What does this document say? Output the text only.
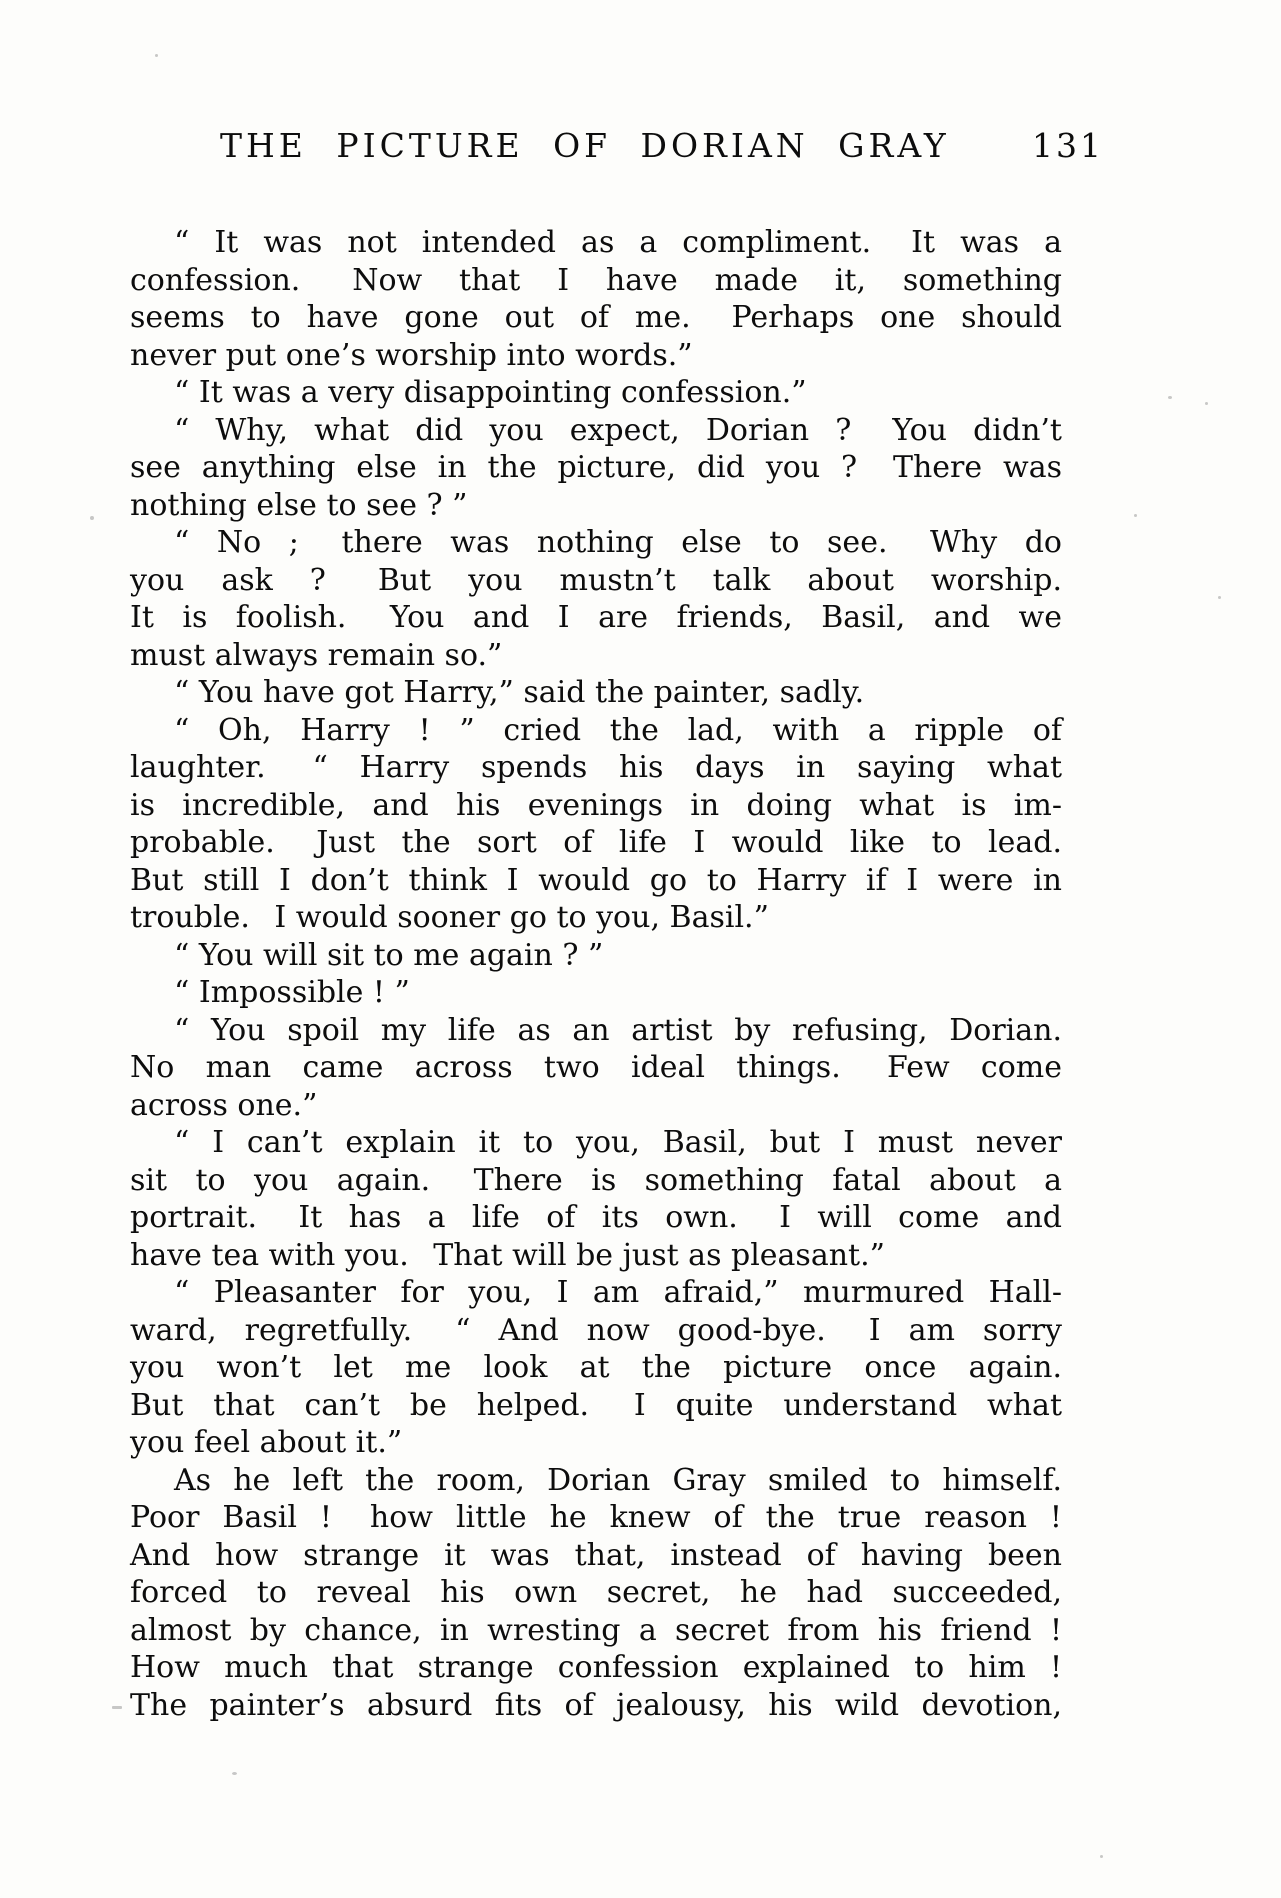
THE PICTURE OF DORIAN GRAY	131
“ It was not intended as a compliment.  It was a
confession.  Now that I have made it, something
seems to have gone out of me.  Perhaps one should
never put one’s worship into words.”
“ It was a very disappointing confession.”
“ Why, what did you expect, Dorian ?  You didn’t
see anything else in the picture, did you ?  There was
nothing else to see ? ”
“ No ;  there was nothing else to see.  Why do
you ask ?  But you mustn’t talk about worship.
It is foolish.  You and I are friends, Basil, and we
must always remain so.”
“ You have got Harry,” said the painter, sadly.
“ Oh, Harry ! ” cried the lad, with a ripple of
laughter.  “ Harry spends his days in saying what
is incredible, and his evenings in doing what is im-
probable.  Just the sort of life I would like to lead.
But still I don’t think I would go to Harry if I were in
trouble.  I would sooner go to you, Basil.”
“ You will sit to me again ? ”
“ Impossible ! ”
“ You spoil my life as an artist by refusing, Dorian.
No man came across two ideal things.  Few come
across one.”
“ I can’t explain it to you, Basil, but I must never
sit to you again.  There is something fatal about a
portrait.  It has a life of its own.  I will come and
have tea with you.  That will be just as pleasant.”
“ Pleasanter for you, I am afraid,” murmured Hall-
ward, regretfully.  “ And now good-bye.  I am sorry
you won’t let me look at the picture once again.
But that can’t be helped.  I quite understand what
you feel about it.”
As he left the room, Dorian Gray smiled to himself.
Poor Basil !  how little he knew of the true reason !
And how strange it was that, instead of having been
forced to reveal his own secret, he had succeeded,
almost by chance, in wresting a secret from his friend !
How much that strange confession explained to him !
The painter’s absurd fits of jealousy, his wild devotion,
